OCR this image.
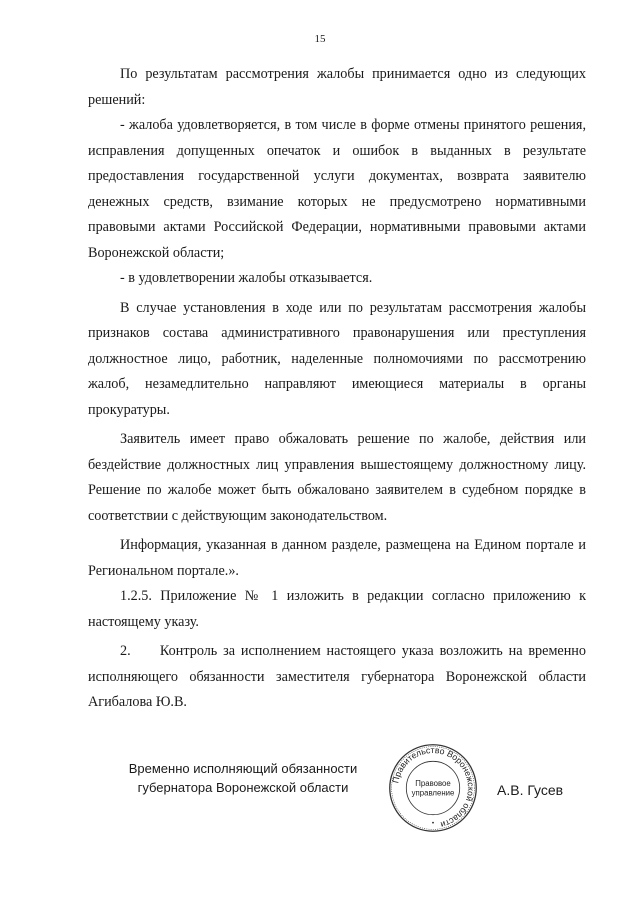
15

По результатам рассмотрения жалобы принимается одно из следующих решений:

- жалоба удовлетворяется, в том числе в форме отмены принятого решения, исправления допущенных опечаток и ошибок в выданных в результате предоставления государственной услуги документах, возврата заявителю денежных средств, взимание которых не предусмотрено нормативными правовыми актами Российской Федерации, нормативными правовыми актами Воронежской области;

- в удовлетворении жалобы отказывается.

В случае установления в ходе или по результатам рассмотрения жалобы признаков состава административного правонарушения или преступления должностное лицо, работник, наделенные полномочиями по рассмотрению жалоб, незамедлительно направляют имеющиеся материалы в органы прокуратуры.

Заявитель имеет право обжаловать решение по жалобе, действия или бездействие должностных лиц управления вышестоящему должностному лицу. Решение по жалобе может быть обжаловано заявителем в судебном порядке в соответствии с действующим законодательством.

Информация, указанная в данном разделе, размещена на Едином портале и Региональном портале.».

1.2.5. Приложение № 1 изложить в редакции согласно приложению к настоящему указу.

2.     Контроль за исполнением настоящего указа возложить на временно исполняющего обязанности заместителя губернатора Воронежской области Агибалова Ю.В.

Временно исполняющий обязанности
губернатора Воронежской области
Правительство Воронежской области
Правовое
управление
•
А.В. Гусев
